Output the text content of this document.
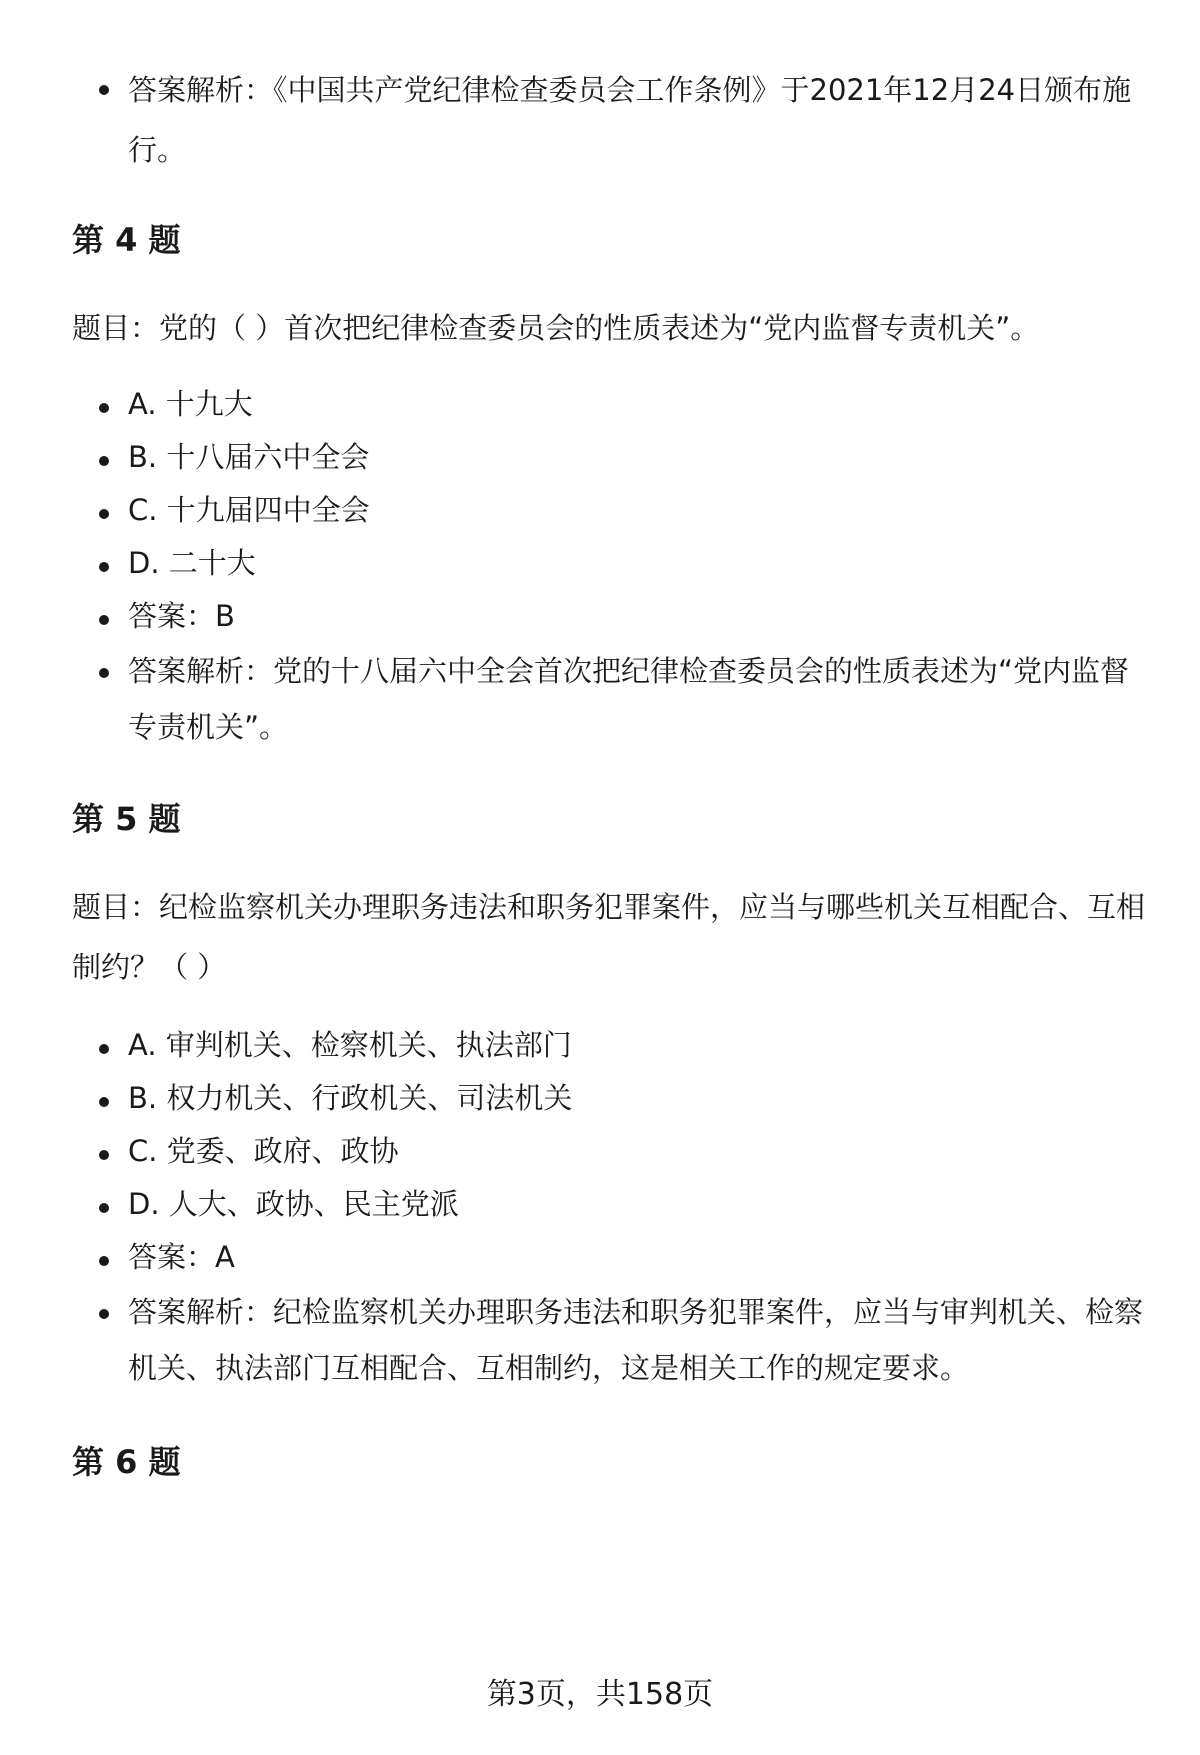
答案解析：《中国共产党纪律检查委员会工作条例》于2021年12月24日颁布施行。
第 4 题

题目：党的（ ）首次把纪律检查委员会的性质表述为“党内监督专责机关”。

A. 十九大
B. 十八届六中全会
C. 十九届四中全会
D. 二十大
答案：B
答案解析：党的十八届六中全会首次把纪律检查委员会的性质表述为“党内监督专责机关”。
第 5 题

题目：纪检监察机关办理职务违法和职务犯罪案件，应当与哪些机关互相配合、互相制约？（ ）

A. 审判机关、检察机关、执法部门
B. 权力机关、行政机关、司法机关
C. 党委、政府、政协
D. 人大、政协、民主党派
答案：A
答案解析：纪检监察机关办理职务违法和职务犯罪案件，应当与审判机关、检察机关、执法部门互相配合、互相制约，这是相关工作的规定要求。
第 6 题
第3页，共158页
